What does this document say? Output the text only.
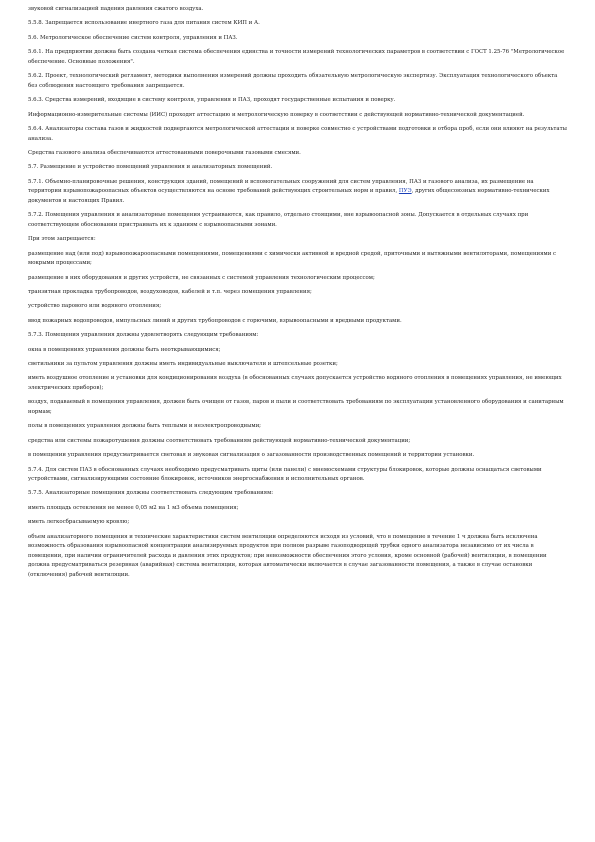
звуковой сигнализацией падения давления сжатого воздуха.

5.5.8. Запрещается использование инертного газа для питания систем КИП и А.

5.6. Метрологическое обеспечение систем контроля, управления и ПАЗ.

5.6.1. На предприятии должна быть создана четкая система обеспечения единства и точности измерений технологических параметров в соответствии с ГОСТ 1.25-76 "Метрологическое обеспечение. Основные положения".

5.6.2. Проект, технологический регламент, методики выполнения измерений должны проходить обязательную метрологическую экспертизу. Эксплуатация технологического объекта без соблюдения настоящего требования запрещается.

5.6.3. Средства измерений, входящие в систему контроля, управления и ПАЗ, проходят государственные испытания и поверку.

Информационно-измерительные системы (ИИС) проходят аттестацию и метрологическую поверку в соответствии с действующей нормативно-технической документацией.

5.6.4. Анализаторы состава газов и жидкостей подвергаются метрологической аттестации и поверке совместно с устройствами подготовки и отбора проб, если они влияют на результаты анализа.

Средства газового анализа обеспечиваются аттестованными поверочными газовыми смесями.

5.7. Размещение и устройство помещений управления и анализаторных помещений.

5.7.1. Объемно-планировочные решения, конструкция зданий, помещений и вспомогательных сооружений для систем управления, ПАЗ и газового анализа, их размещение на территории взрывопожароопасных объектов осуществляются на основе требований действующих строительных норм и правил, ПУЭ, других общесоюзных нормативно-технических документов и настоящих Правил.

5.7.2. Помещения управления и анализаторные помещения устраиваются, как правило, отдельно стоящими, вне взрывоопасной зоны. Допускается в отдельных случаях при соответствующем обосновании пристраивать их к зданиям с взрывоопасными зонами.

При этом запрещается:

размещение над (или под) взрывопожароопасными помещениями, помещениями с химически активной и вредной средой, приточными и вытяжными вентиляторами, помещениями с мокрыми процессами;

размещение в них оборудования и других устройств, не связанных с системой управления технологическим процессом;

транзитная прокладка трубопроводов, воздуховодов, кабелей и т.п. через помещения управления;

устройство парового или водяного отопления;

ввод пожарных водопроводов, импульсных линий и других трубопроводов с горючими, взрывоопасными и вредными продуктами.

5.7.3. Помещения управления должны удовлетворять следующим требованиям:

окна в помещениях управления должны быть неоткрывающимися;

светильники за пультом управления должны иметь индивидуальные выключатели и штепсельные розетки;

иметь воздушное отопление и установки для кондиционирования воздуха (в обоснованных случаях допускается устройство водяного отопления в помещениях управления, не имеющих электрических приборов);

воздух, подаваемый в помещения управления, должен быть очищен от газов, паров и пыли и соответствовать требованиям по эксплуатации установленного оборудования и санитарным нормам;

полы в помещениях управления должны быть теплыми и неэлектропроводными;

средства или системы пожаротушения должны соответствовать требованиям действующей нормативно-технической документации;

в помещении управления предусматривается световая и звуковая сигнализация о загазованности производственных помещений и территории установки.

5.7.4. Для систем ПАЗ в обоснованных случаях необходимо предусматривать щиты (или панели) с мнемосхемами структуры блокировок, которые должны оснащаться световыми устройствами, сигнализирующими состояние блокировок, источников энергоснабжения и исполнительных органов.

5.7.5. Анализаторные помещения должны соответствовать следующим требованиям:

иметь площадь остекления не менее 0,05 м2 на 1 м3 объема помещения;

иметь легкосбрасываемую кровлю;

объем анализаторного помещения и технические характеристики систем вентиляции определяются исходя из условий, что в помещение в течение 1 ч должна быть исключена возможность образования взрывоопасной концентрации анализируемых продуктов при полном разрыве газоподводящей трубки одного анализатора независимо от их числа в помещении, при наличии ограничителей расхода и давления этих продуктов; при невозможности обеспечения этого условия, кроме основной (рабочей) вентиляции, в помещении должна предусматриваться резервная (аварийная) система вентиляции, которая автоматически включается в случае загазованности помещения, а также в случае остановки (отключения) рабочей вентиляции.
